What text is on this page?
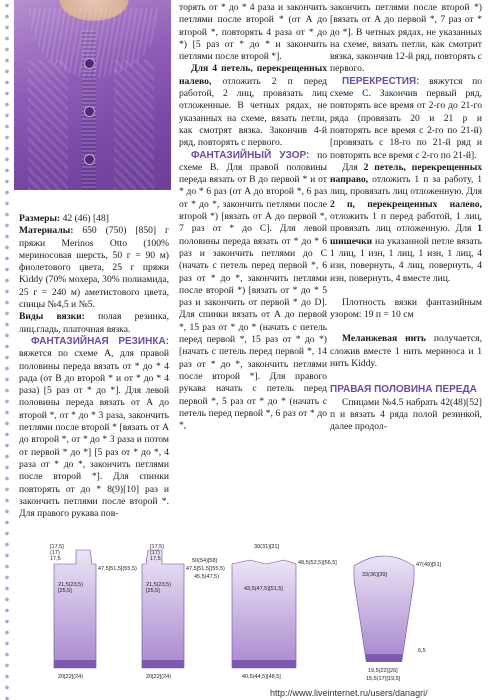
Размеры: 42 (46) [48]

Материалы: 650 (750) [850] г пряжи Merinos Otto (100% мериносовая шерсть, 50 г = 90 м) фиолетового цвета, 25 г пряжи Kiddy (70% мохера, 30% полиамида, 25 г = 240 м) аметистового цвета, спицы №4,5 и №5.

Виды вязки: полая резинка, лиц.гладь, платочная вязка.

ФАНТАЗИЙНАЯ РЕЗИНКА: вяжется по схеме А, для правой половины переда вязать от * до * 4 рада (от В до второй * и от * до * 4 раза) [5 раз от * до *]. Для левой половины переда вязать от А до второй *, от * до * 3 раза, закончить петлями после второй * [вязать от А до второй *, от * до * 3 раза и потом от первой * до *] [5 раз от * до *, 4 раза от * до *, закончить петлями после второй *]. Для спинки повторять от до * 8(9)[10] раз и закончить петлями после второй *. Для правого рукава пов-

торять от * до * 4 раза и закончить петлями после второй * (от А до второй *, повторять 4 раза от * до *) [5 раз от * до * и закончить петлями после второй *].

Для 4 петель, перекрещенных налево, отложить 2 п перед работой, 2 лиц, провязать лиц отложенные. В четных рядах, не указанных на схеме, вязать петли, как смотрят вязка. Закончив 4-й ряд, повторять с первого.

ФАНТАЗИЙНЫЙ УЗОР: по схеме В. Для правой половины переда вязать от В до первой * и от * до * 6 раз (от А до второй *, 6 раз от * до *, закончить петлями после второй *) [вязать от А до первой *, 7 раз от * до С]. Для левой половины переда вязать от * до * 6 раз и закончить петлями до C (начать с петель перед первой *, 6 раз от * до *, закончить петлями после второй *) [вязать от * до * 5 раз и закончить от первой * до D]. Для спинки вязать от А до первой *, 15 раз от * до * (начать с петель перед первой *, 15 раз от * до *) [начать с петель перед первой *, 14 раз от * до *, закончить петлями после второй *]. Для правого рукава начать с петель перед первой *, 5 раз от * до * (начать с петель перед первой *, 6 раз от * до *,

закончить петлями после второй *) [вязать от А до первой *, 7 раз от * до *]. В четных рядах, не указанных на схеме, вязать петли, как смотрит вязка, закончив 12-й ряд, повторять с первого.

ПЕРЕКРЕСТИЯ: вяжутся по схеме С. Закончив первый ряд, повторять все время от 2-го до 21-го ряда (провязать 20 и 21 р и повторять все время с 2-го по 21-й) [провязать с 18-го по 21-й ряд и повторять все время с 2-го по 21-й].

Для 2 петель, перекрещенных направо, отложить 1 п за работу, 1 лиц, провязать лиц отложенную. Для 2 п, перекрещенных налево, отложить 1 п перед работой, 1 лиц, провязать лиц отложенную. Для 1 шишечки на указанной петле вязать 1 лиц, 1 изн, 1 лиц, 1 изн, 1 лиц, 4 изн, повернуть, 4 лиц, повернуть, 4 изн, повернуть, 4 вместе лиц.

Плотность вязки фантазийным узором: 19 п = 10 см

Меланжевая нить получается, сложив вместе 1 нить мериноса и 1 нить Kiddy.

ПРАВАЯ ПОЛОВИНА ПЕРЕДА

Спицами №4.5 набрать 42(48)[52] п и вязать 4 ряда полой резинкой, далее продол-

[17,5]
(17)
17,5
21,5(23,5)
[25,5]
47,5[51,5](55,5)
20[22](24)
[17,5]
(17)
17,5
21,5(23,5)
[25,5]
47,5[51,5](55,5)
20[22](24)
30(31)[31]
50(54)[58]
45,5(47,5)
43,5(47,5)[51,5]
48,5(52,5)[56,5]
40,5(44,5)[48,5]
33(36)[39]
47(49)[51]
6,5
19,5(22)[26]
15,5(17)[19,5]
http://www.liveinternet.ru/users/danagri/
